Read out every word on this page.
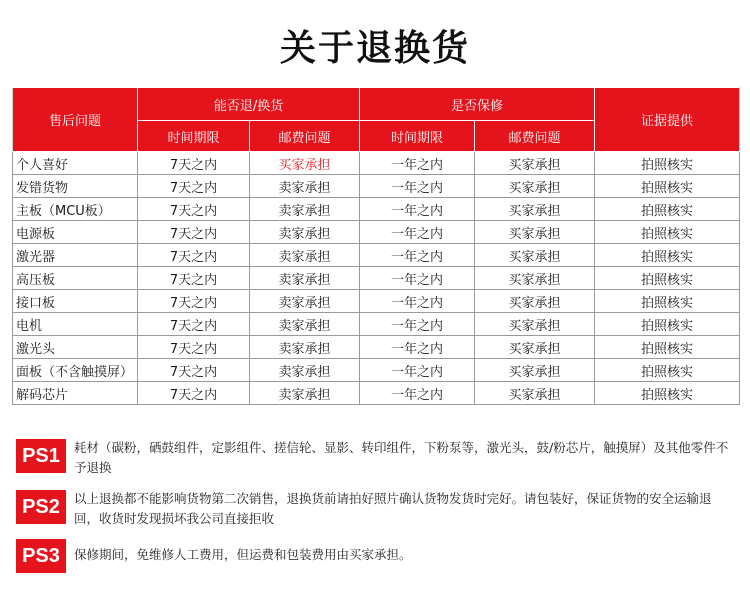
关于退换货
售后问题	能否退/换货		是否保修		证据提供
	时间期限	邮费问题	时间期限	邮费问题	
个人喜好	7天之内	买家承担	一年之内	买家承担	拍照核实
发错货物	7天之内	卖家承担	一年之内	买家承担	拍照核实
主板（MCU板）	7天之内	卖家承担	一年之内	买家承担	拍照核实
电源板	7天之内	卖家承担	一年之内	买家承担	拍照核实
激光器	7天之内	卖家承担	一年之内	买家承担	拍照核实
高压板	7天之内	卖家承担	一年之内	买家承担	拍照核实
接口板	7天之内	卖家承担	一年之内	买家承担	拍照核实
电机	7天之内	卖家承担	一年之内	买家承担	拍照核实
激光头	7天之内	卖家承担	一年之内	买家承担	拍照核实
面板（不含触摸屏）	7天之内	卖家承担	一年之内	买家承担	拍照核实
解码芯片	7天之内	卖家承担	一年之内	买家承担	拍照核实
PS1	耗材（碳粉，硒鼓组件，定影组件、搓信轮、显影、转印组件，下粉泵等，激光头，鼓/粉芯片，触摸屏）及其他零件不予退换
PS2	以上退换都不能影响货物第二次销售，退换货前请拍好照片确认货物发货时完好。请包装好，保证货物的安全运输退回，收货时发现损坏我公司直接拒收
PS3	保修期间，免维修人工费用，但运费和包装费用由买家承担。
